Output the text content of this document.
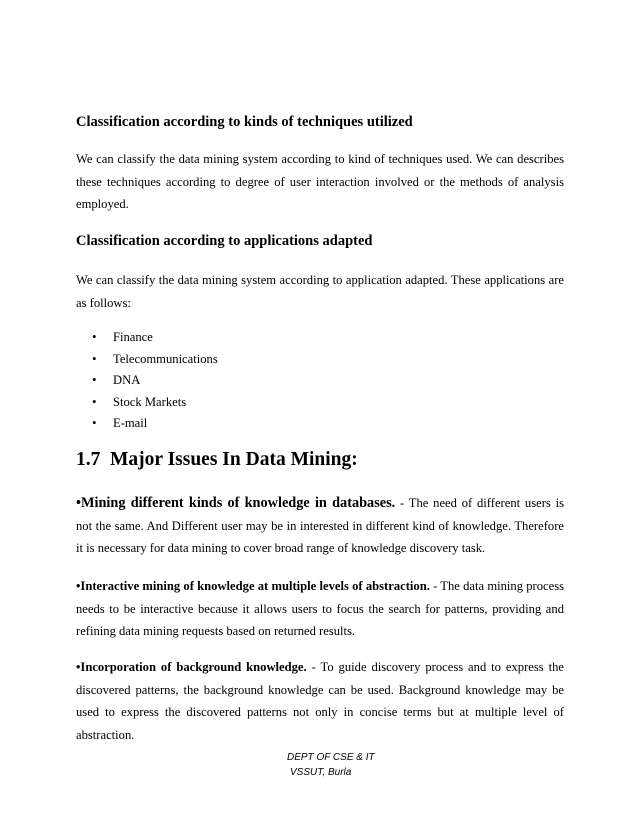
Classification according to kinds of techniques utilized

We can classify the data mining system according to kind of techniques used. We can describes
these techniques according to degree of user interaction involved or the methods of analysis
employed.

Classification according to applications adapted

We can classify the data mining system according to application adapted. These applications are
as follows:

• Finance
• Telecommunications
• DNA
• Stock Markets
• E-mail
1.7 Major Issues In Data Mining:

•Mining different kinds of knowledge in databases. - The need of different users is
not the same. And Different user may be in interested in different kind of knowledge. Therefore
it is necessary for data mining to cover broad range of knowledge discovery task.

•Interactive mining of knowledge at multiple levels of abstraction. - The data mining process
needs to be interactive because it allows users to focus the search for patterns, providing and
refining data mining requests based on returned results.

•Incorporation of background knowledge. - To guide discovery process and to express the
discovered patterns, the background knowledge can be used. Background knowledge may be
used to express the discovered patterns not only in concise terms but at multiple level of
abstraction.

DEPT OF CSE & IT
VSSUT, Burla
